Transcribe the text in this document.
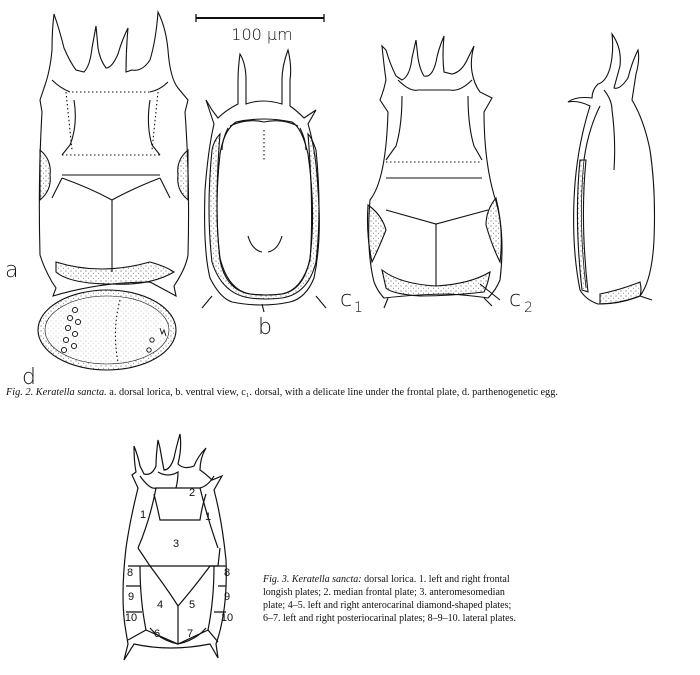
100 μm
a
b
c 1	c 2
d
2
1	1
3
8	8
9	9
10	10
4 5
6 7
Fig. 2. Keratella sancta. a. dorsal lorica, b. ventral view, c₁. dorsal, with a delicate line under the frontal plate, d. parthenogenetic egg.
Fig. 3. Keratella sancta: dorsal lorica. 1. left and right frontal
longish plates; 2. median frontal plate; 3. anteromesomedian
plate; 4–5. left and right anterocarinal diamond-shaped plates;
6–7. left and right posteriocarinal plates; 8–9–10. lateral plates.
